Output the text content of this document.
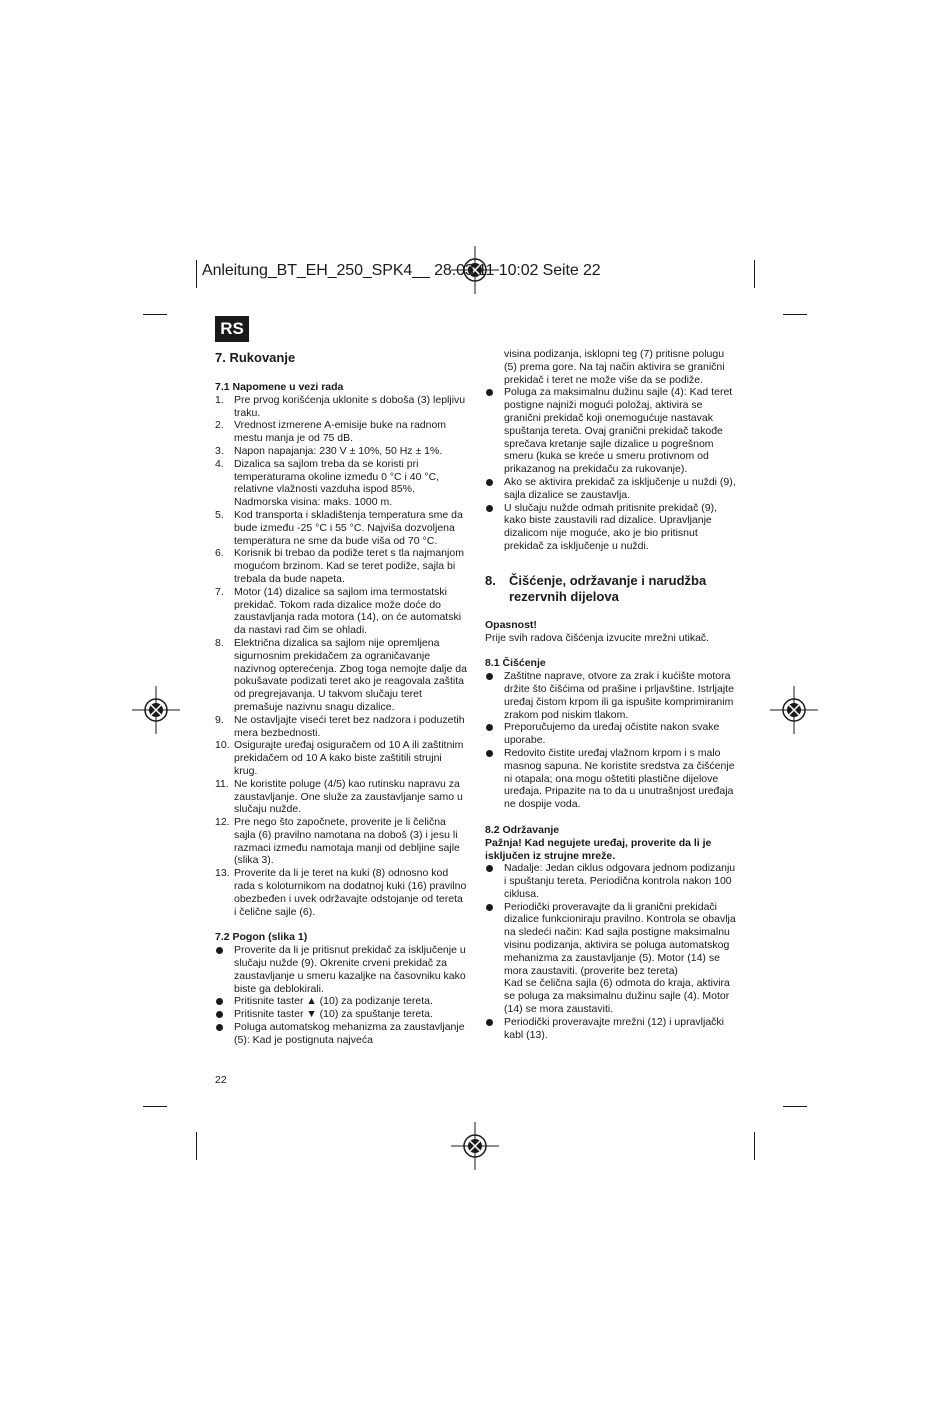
Anleitung_BT_EH_250_SPK4__ 28.03.11 10:02 Seite 22
RS
7. Rukovanje
7.1 Napomene u vezi rada
1. Pre prvog korišćenja uklonite s doboša (3) lepljivu traku.
2. Vrednost izmerene A-emisije buke na radnom mestu manja je od 75 dB.
3. Napon napajanja: 230 V ± 10%, 50 Hz ± 1%.
4. Dizalica sa sajlom treba da se koristi pri temperaturama okoline između 0 °C i 40 °C, relativne vlažnosti vazduha ispod 85%. Nadmorska visina: maks. 1000 m.
5. Kod transporta i skladištenja temperatura sme da bude između -25 °C i 55 °C. Najviša dozvoljena temperatura ne sme da bude viša od 70 °C.
6. Korisnik bi trebao da podiže teret s tla najmanjom mogućom brzinom. Kad se teret podiže, sajla bi trebala da bude napeta.
7. Motor (14) dizalice sa sajlom ima termostatski prekidač. Tokom rada dizalice može doće do zaustavljanja rada motora (14), on će automatski da nastavi rad čim se ohladi.
8. Električna dizalica sa sajlom nije opremljena sigurnosnim prekidačem za ograničavanje nazivnog opterećenja. Zbog toga nemojte dalje da pokušavate podizati teret ako je reagovala zaštita od pregrejavanja. U takvom slučaju teret premašuje nazivnu snagu dizalice.
9. Ne ostavljajte viseći teret bez nadzora i poduzetih mera bezbednosti.
10. Osigurajte uređaj osiguračem od 10 A ili zaštitnim prekidačem od 10 A kako biste zaštitili strujni krug.
11. Ne koristite poluge (4/5) kao rutinsku napravu za zaustavljanje. One služe za zaustavljanje samo u slučaju nužde.
12. Pre nego što započnete, proverite je li čelična sajla (6) pravilno namotana na doboš (3) i jesu li razmaci između namotaja manji od debljine sajle (slika 3).
13. Proverite da li je teret na kuki (8) odnosno kod rada s koloturnikom na dodatnoj kuki (16) pravilno obezbeđen i uvek održavajte odstojanje od tereta i čelične sajle (6).
7.2 Pogon (slika 1)
Proverite da li je pritisnut prekidač za isključenje u slučaju nužde (9). Okrenite crveni prekidač za zaustavljanje u smeru kazaljke na časovniku kako biste ga deblokirali.
Pritisnite taster ▲ (10) za podizanje tereta.
Pritisnite taster ▼ (10) za spuštanje tereta.
Poluga automatskog mehanizma za zaustavljanje (5): Kad je postignuta najveća
visina podizanja, isklopni teg (7) pritisne polugu (5) prema gore. Na taj način aktivira se granični prekidač i teret ne može više da se podiže.
Poluga za maksimalnu dužinu sajle (4): Kad teret postigne najniži mogući položaj, aktivira se granični prekidač koji onemogućuje nastavak spuštanja tereta. Ovaj granični prekidač takođe sprečava kretanje sajle dizalice u pogrešnom smeru (kuka se kreće u smeru protivnom od prikazanog na prekidaču za rukovanje).
Ako se aktivira prekidač za isključenje u nuždi (9), sajla dizalice se zaustavlja.
U slučaju nužde odmah pritisnite prekidač (9), kako biste zaustavili rad dizalice. Upravljanje dizalicom nije moguće, ako je bio pritisnut prekidač za isključenje u nuždi.
8.	Čišćenje, održavanje i narudžba rezervnih dijelova

Opasnost!

Prije svih radova čišćenja izvucite mrežni utikač.

8.1 Čišćenje
Zaštitne naprave, otvore za zrak i kućište motora držite što čišćima od prašine i prljavštine. Istrljajte uređaj čistom krpom ili ga ispušite komprimiranim zrakom pod niskim tlakom.
Preporučujemo da uređaj očistite nakon svake uporabe.
Redovito čistite uređaj vlažnom krpom i s malo masnog sapuna. Ne koristite sredstva za čišćenje ni otapala; ona mogu oštetiti plastične dijelove uređaja. Pripazite na to da u unutrašnjost uređaja ne dospije voda.
8.2 Održavanje

Pažnja! Kad negujete uređaj, proverite da li je isključen iz strujne mreže.

Nadalje: Jedan ciklus odgovara jednom podizanju i spuštanju tereta. Periodična kontrola nakon 100 ciklusa.
Periodički proveravajte da li granični prekidači dizalice funkcioniraju pravilno. Kontrola se obavlja na sledeći način: Kad sajla postigne maksimalnu visinu podizanja, aktivira se poluga automatskog mehanizma za zaustavljanje (5). Motor (14) se mora zaustaviti. (proverite bez tereta)
Kad se čelična sajla (6) odmota do kraja, aktivira se poluga za maksimalnu dužinu sajle (4). Motor (14) se mora zaustaviti.
Periodički proveravajte mrežni (12) i upravljački kabl (13).
22
